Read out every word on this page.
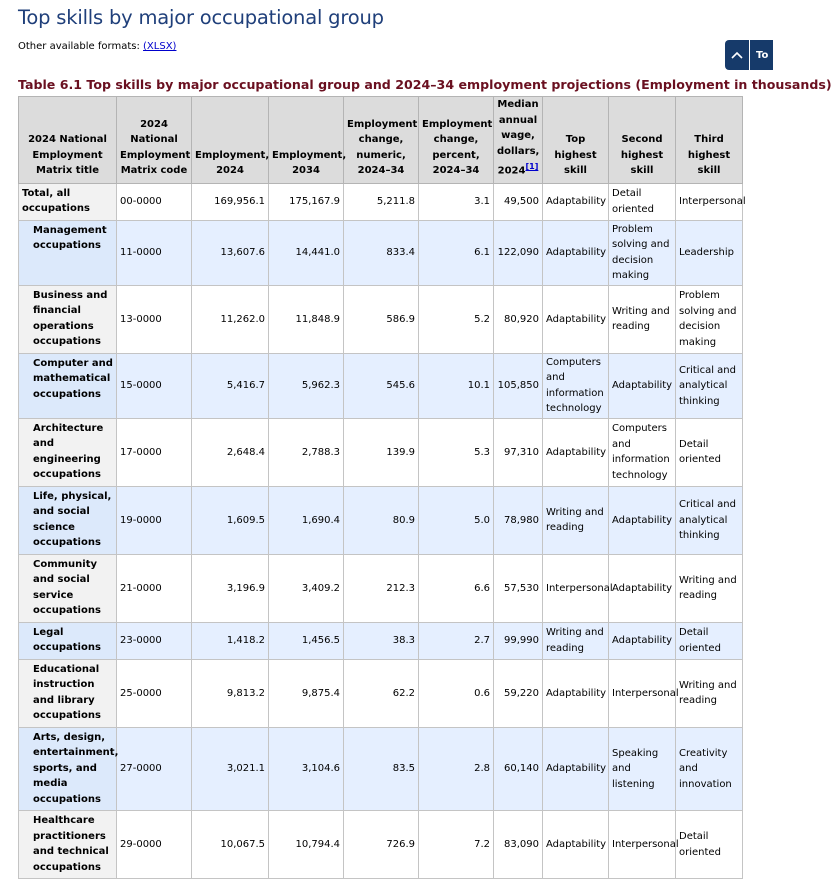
Top skills by major occupational group
Other available formats: (XLSX)
To
Table 6.1 Top skills by major occupational group and 2024–34 employment projections (Employment in thousands)
2024 National Employment Matrix title	2024 National Employment Matrix code	Employment, 2024	Employment, 2034	Employment change, numeric, 2024–34	Employment change, percent, 2024–34	Median annual wage, dollars, 2024[1]	Top highest skill	Second highest skill	Third highest skill
Total, all occupations	00-0000	169,956.1	175,167.9	5,211.8	3.1	49,500	Adaptability	Detail oriented	Interpersonal
Management occupations	11-0000	13,607.6	14,441.0	833.4	6.1	122,090	Adaptability	Problem solving and decision making	Leadership
Business and financial operations occupations	13-0000	11,262.0	11,848.9	586.9	5.2	80,920	Adaptability	Writing and reading	Problem solving and decision making
Computer and mathematical occupations	15-0000	5,416.7	5,962.3	545.6	10.1	105,850	Computers and information technology	Adaptability	Critical and analytical thinking
Architecture and engineering occupations	17-0000	2,648.4	2,788.3	139.9	5.3	97,310	Adaptability	Computers and information technology	Detail oriented
Life, physical, and social science occupations	19-0000	1,609.5	1,690.4	80.9	5.0	78,980	Writing and reading	Adaptability	Critical and analytical thinking
Community and social service occupations	21-0000	3,196.9	3,409.2	212.3	6.6	57,530	Interpersonal	Adaptability	Writing and reading
Legal occupations	23-0000	1,418.2	1,456.5	38.3	2.7	99,990	Writing and reading	Adaptability	Detail oriented
Educational instruction and library occupations	25-0000	9,813.2	9,875.4	62.2	0.6	59,220	Adaptability	Interpersonal	Writing and reading
Arts, design, entertainment, sports, and media occupations	27-0000	3,021.1	3,104.6	83.5	2.8	60,140	Adaptability	Speaking and listening	Creativity and innovation
Healthcare practitioners and technical occupations	29-0000	10,067.5	10,794.4	726.9	7.2	83,090	Adaptability	Interpersonal	Detail oriented
